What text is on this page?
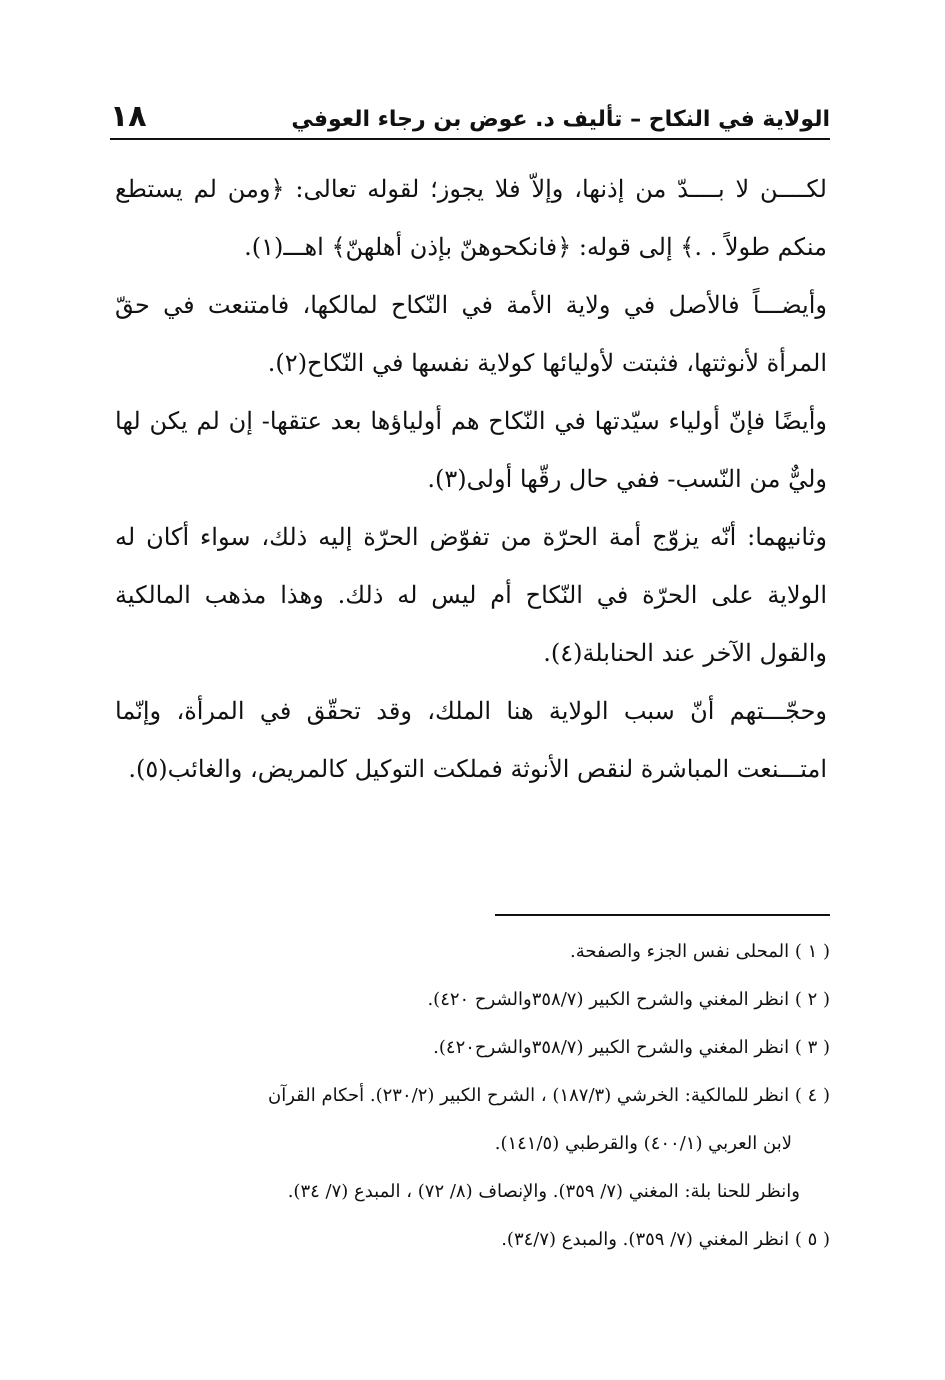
الولاية في النكاح – تأليف د. عوض بن رجاء العوفي
١٨

لكــــن لا بــــدّ من إذنها، وإلاّ فلا يجوز؛ لقوله تعالى: ﴿ومن لم يستطع منكم طولاً . .﴾ إلى قوله: ﴿فانكحوهنّ بإذن أهلهنّ﴾ اهـــ(١).

وأيضـــاً فالأصل في ولاية الأمة في النّكاح لمالكها، فامتنعت في حقّ المرأة لأنوثتها، فثبتت لأوليائها كولاية نفسها في النّكاح(٢).

وأيضًا فإنّ أولياء سيّدتها في النّكاح هم أولياؤها بعد عتقها- إن لم يكن لها وليٌّ من النّسب- ففي حال رقّها أولى(٣).

وثانيهما: أنّه يزوّج أمة الحرّة من تفوّض الحرّة إليه ذلك، سواء أكان له الولاية على الحرّة في النّكاح أم ليس له ذلك. وهذا مذهب المالكية والقول الآخر عند الحنابلة(٤).

وحجّـــتهم أنّ سبب الولاية هنا الملك، وقد تحقّق في المرأة، وإنّما امتـــنعت المباشرة لنقص الأنوثة فملكت التوكيل كالمريض، والغائب(٥).

( ١ ) المحلى نفس الجزء والصفحة.

( ٢ ) انظر المغني والشرح الكبير (٣٥٨/٧والشرح ٤٢٠).

( ٣ ) انظر المغني والشرح الكبير (٣٥٨/٧والشرح٤٢٠).

( ٤ ) انظر للمالكية: الخرشي (١٨٧/٣) ، الشرح الكبير (٢٣٠/٢). أحكام القرآن

لابن العربي (٤٠٠/١) والقرطبي (١٤١/٥).

وانظر للحنا بلة: المغني (٧/ ٣٥٩). والإنصاف (٨/ ٧٢) ، المبدع (٧/ ٣٤).

( ٥ ) انظر المغني (٧/ ٣٥٩). والمبدع (٣٤/٧).
